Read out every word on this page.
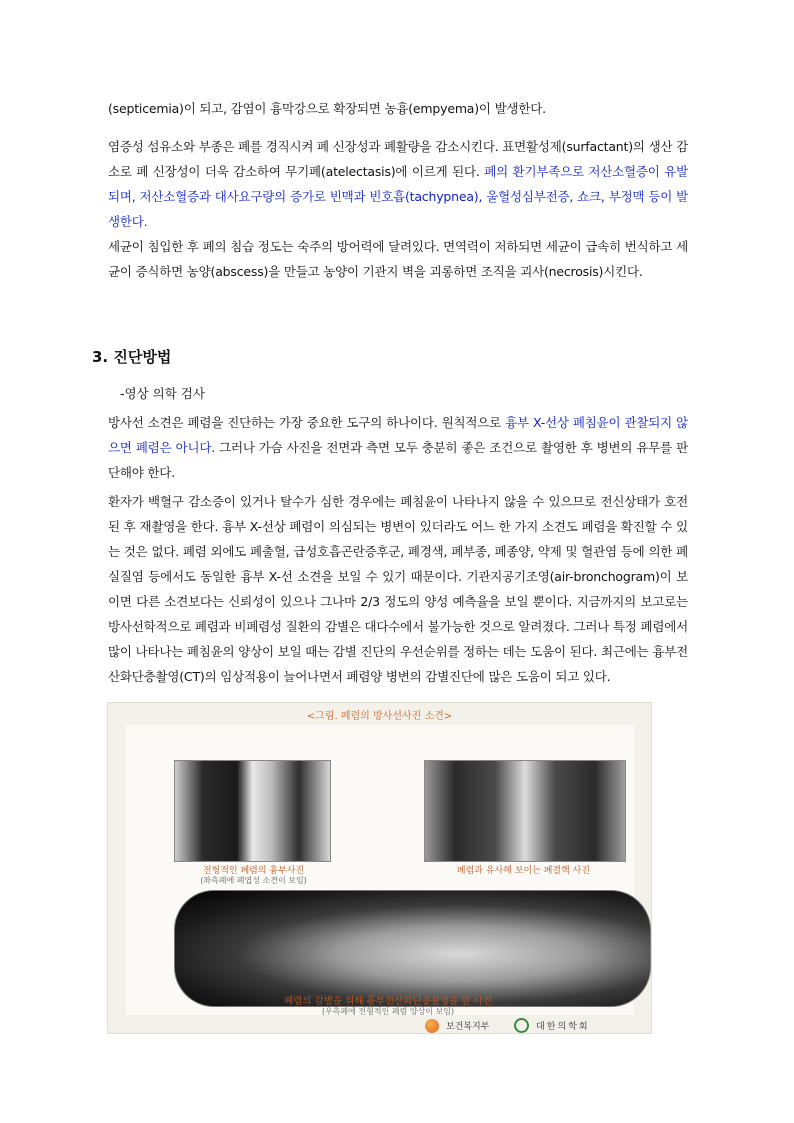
(septicemia)이 되고, 감염이 흉막강으로 확장되면 농흉(empyema)이 발생한다.

염증성 섬유소와 부종은 폐를 경직시켜 폐 신장성과 폐활량을 감소시킨다. 표면활성제(surfactant)의 생산 감소로 폐 신장성이 더욱 감소하여 무기폐(atelectasis)에 이르게 된다. 폐의 환기부족으로 저산소혈증이 유발되며, 저산소혈증과 대사요구량의 증가로 빈맥과 빈호흡(tachypnea), 울혈성심부전증, 쇼크, 부정맥 등이 발생한다.

세균이 침입한 후 폐의 침습 정도는 숙주의 방어력에 달려있다. 면역력이 저하되면 세균이 급속히 번식하고 세균이 증식하면 농양(abscess)을 만들고 농양이 기관지 벽을 괴롱하면 조직을 괴사(necrosis)시킨다.

3. 진단방법
-영상 의학 검사

방사선 소견은 폐렴을 진단하는 가장 중요한 도구의 하나이다. 원칙적으로 흉부 X-선상 폐침윤이 관찰되지 않으면 폐렴은 아니다. 그러나 가슴 사진을 전면과 측면 모두 충분히 좋은 조건으로 촬영한 후 병변의 유무를 판단해야 한다.

환자가 백혈구 감소증이 있거나 탈수가 심한 경우에는 폐침윤이 나타나지 않을 수 있으므로 전신상태가 호전된 후 재촬영을 한다. 흉부 X-선상 폐렴이 의심되는 병변이 있더라도 어느 한 가지 소견도 폐렴을 확진할 수 있는 것은 없다. 폐렴 외에도 폐출혈, 급성호흡곤란증후군, 폐경색, 폐부종, 폐종양, 약제 및 혈관염 등에 의한 폐실질염 등에서도 동일한 흉부 X-선 소견을 보일 수 있기 때문이다. 기관지공기조영(air-bronchogram)이 보이면 다른 소견보다는 신뢰성이 있으나 그나마 2/3 정도의 양성 예측율을 보일 뿐이다. 지금까지의 보고로는 방사선학적으로 폐렴과 비폐렴성 질환의 감별은 대다수에서 불가능한 것으로 알려졌다. 그러나 특정 폐렴에서 많이 나타나는 폐침윤의 양상이 보일 때는 감별 진단의 우선순위를 정하는 데는 도움이 된다. 최근에는 흉부전산화단층촬영(CT)의 임상적용이 늘어나면서 폐렴양 병변의 감별진단에 많은 도움이 되고 있다.

<그림. 폐렴의 방사선사진 소견>
전형적인 폐렴의 흉부사진
(좌측폐에 폐엽성 소견이 보임)
폐렴과 유사해 보이는 폐결핵 사진
폐렴의 감별을 위해 흉부전산화단층촬영을 한 사진
(우측폐에 전형적인 폐렴 양상이 보임)
보건복지부	대한의학회
